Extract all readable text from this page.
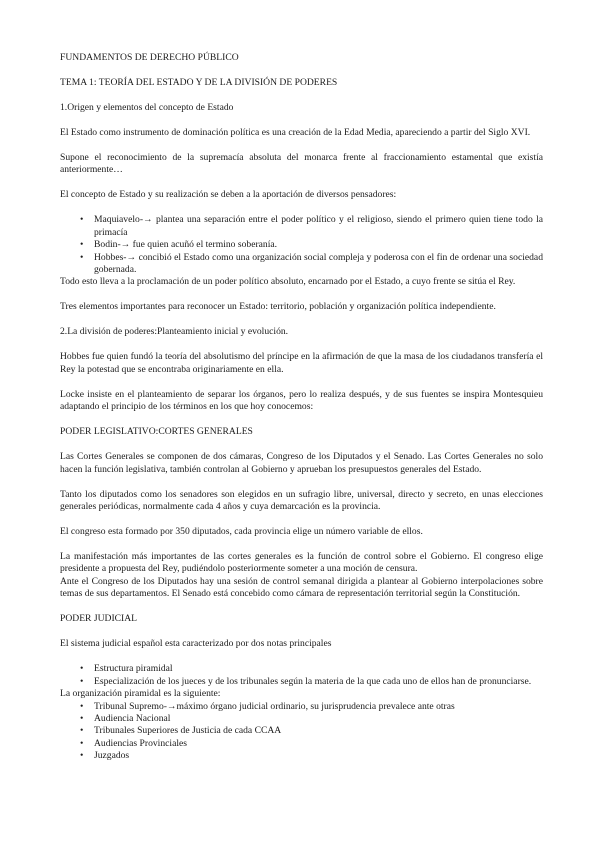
FUNDAMENTOS DE DERECHO PÚBLICO

TEMA 1: TEORÍA DEL ESTADO Y DE LA DIVISIÓN DE PODERES

1.Origen y elementos del concepto de Estado

El Estado como instrumento de dominación política es una creación de la Edad Media, apareciendo a partir del Siglo XVI.

Supone el reconocimiento de la supremacía absoluta del monarca frente al fraccionamiento estamental que existía anteriormente…

El concepto de Estado y su realización se deben a la aportación de diversos pensadores:

• Maquiavelo-→ plantea una separación entre el poder político y el religioso, siendo el primero quien tiene todo la primacía
• Bodin-→ fue quien acuñó el termino soberanía.
• Hobbes-→ concibió el Estado como una organización social compleja y poderosa con el fin de ordenar una sociedad gobernada.

Todo esto lleva a la proclamación de un poder político absoluto, encarnado por el Estado, a cuyo frente se sitúa el Rey.

Tres elementos importantes para reconocer un Estado: territorio, población y organización política independiente.

2.La división de poderes:Planteamiento inicial y evolución.

Hobbes fue quien fundó la teoría del absolutismo del príncipe en la afirmación de que la masa de los ciudadanos transfería el Rey la potestad que se encontraba originariamente en ella.

Locke insiste en el planteamiento de separar los órganos, pero lo realiza después, y de sus fuentes se inspira Montesquieu adaptando el principio de los términos en los que hoy conocemos:

PODER LEGISLATIVO:CORTES GENERALES

Las Cortes Generales se componen de dos cámaras, Congreso de los Diputados y el Senado. Las Cortes Generales no solo hacen la función legislativa, también controlan al Gobierno y aprueban los presupuestos generales del Estado.

Tanto los diputados como los senadores son elegidos en un sufragio libre, universal, directo y secreto, en unas elecciones generales periódicas, normalmente cada 4 años y cuya demarcación es la provincia.

El congreso esta formado por 350 diputados, cada provincia elige un número variable de ellos.

La manifestación más importantes de las cortes generales es la función de control sobre el Gobierno. El congreso elige presidente a propuesta del Rey, pudiéndolo posteriormente someter a una moción de censura.

Ante el Congreso de los Diputados hay una sesión de control semanal dirigida a plantear al Gobierno interpolaciones sobre temas de sus departamentos. El Senado está concebido como cámara de representación territorial según la Constitución.

PODER JUDICIAL

El sistema judicial español esta caracterizado por dos notas principales

• Estructura piramidal
• Especialización de los jueces y de los tribunales según la materia de la que cada uno de ellos han de pronunciarse.

La organización piramidal es la siguiente:

• Tribunal Supremo-→máximo órgano judicial ordinario, su jurisprudencia prevalece ante otras
• Audiencia Nacional
• Tribunales Superiores de Justicia de cada CCAA
• Audiencias Provinciales
• Juzgados
